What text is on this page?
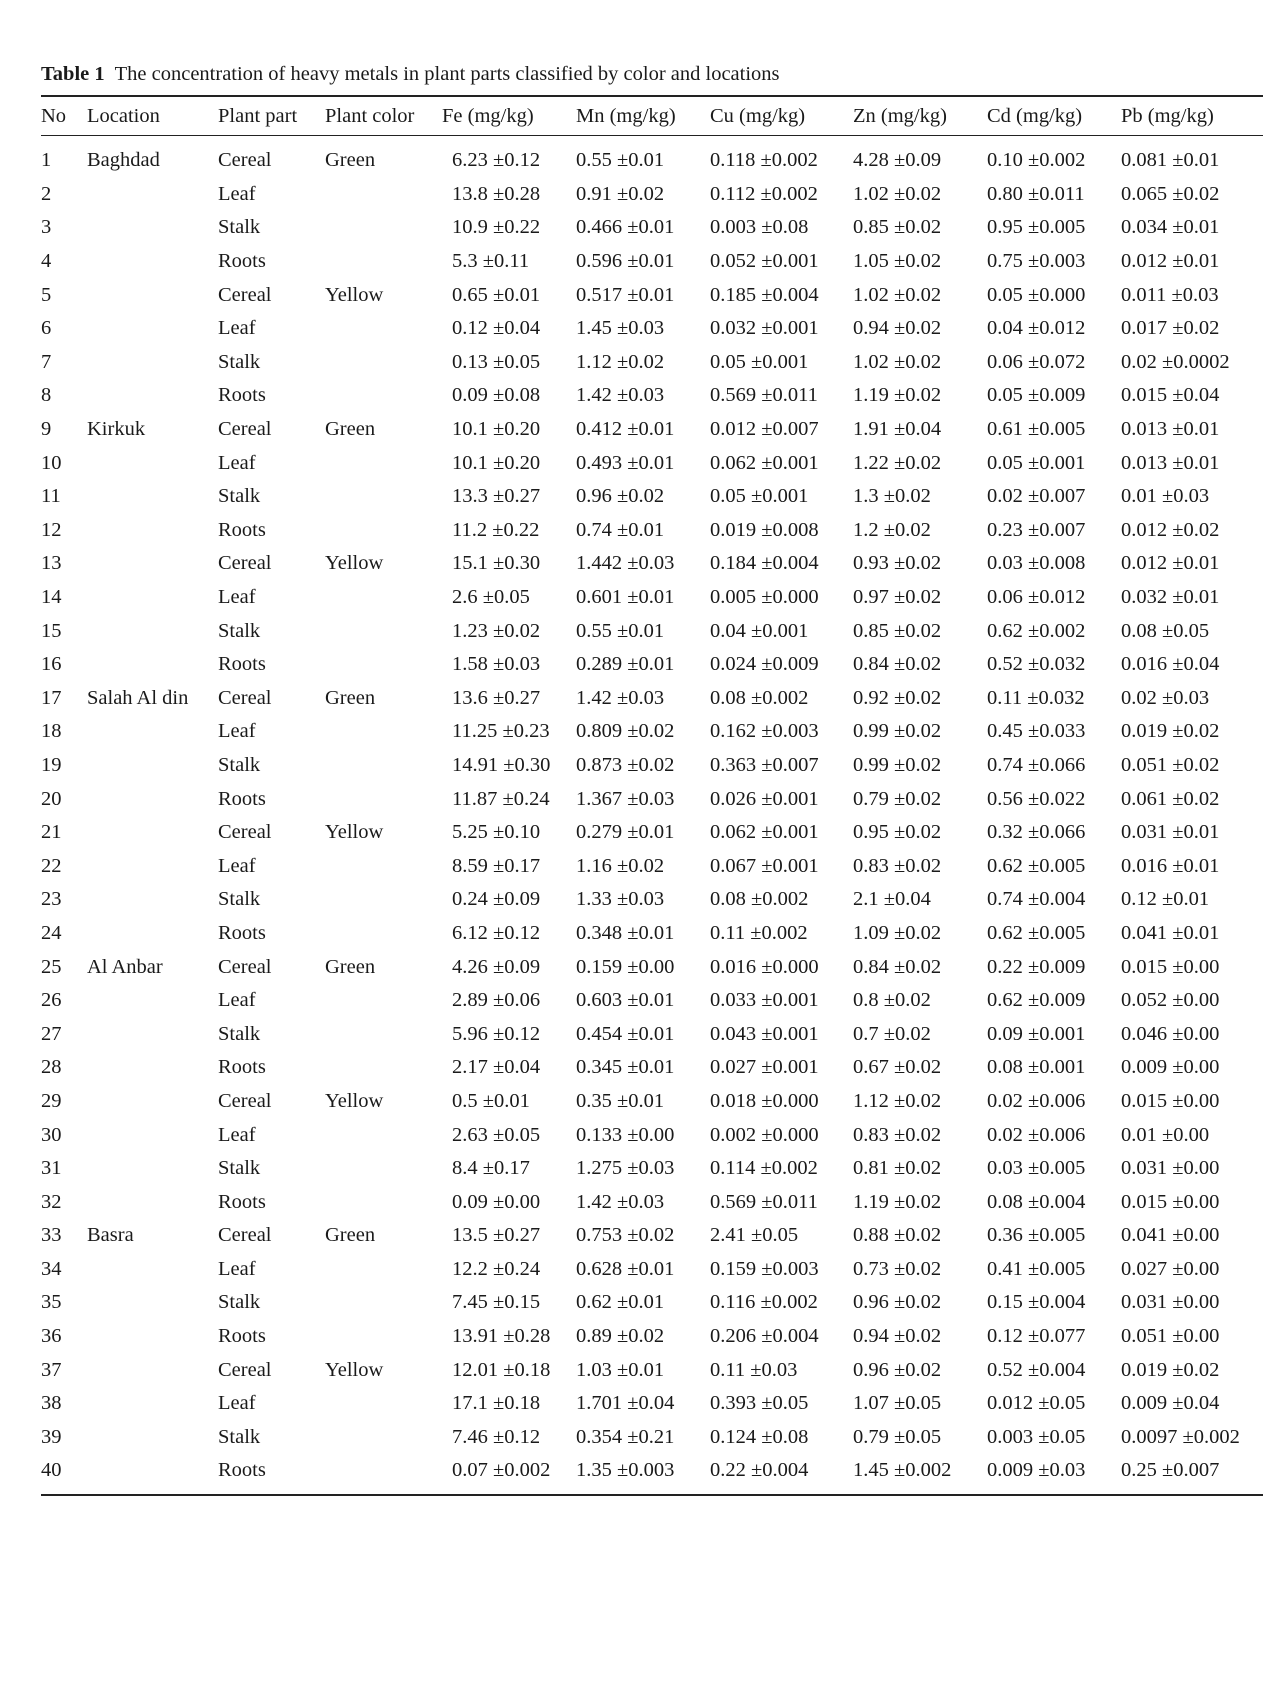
Table 1 The concentration of heavy metals in plant parts classified by color and locations
No	Location	Plant part	Plant color	Fe (mg/kg)	Mn (mg/kg)	Cu (mg/kg)	Zn (mg/kg)	Cd (mg/kg)	Pb (mg/kg)
1	Baghdad	Cereal	Green	6.23 ±0.12	0.55 ±0.01	0.118 ±0.002	4.28 ±0.09	0.10 ±0.002	0.081 ±0.01
2		Leaf		13.8 ±0.28	0.91 ±0.02	0.112 ±0.002	1.02 ±0.02	0.80 ±0.011	0.065 ±0.02
3		Stalk		10.9 ±0.22	0.466 ±0.01	0.003 ±0.08	0.85 ±0.02	0.95 ±0.005	0.034 ±0.01
4		Roots		5.3 ±0.11	0.596 ±0.01	0.052 ±0.001	1.05 ±0.02	0.75 ±0.003	0.012 ±0.01
5		Cereal	Yellow	0.65 ±0.01	0.517 ±0.01	0.185 ±0.004	1.02 ±0.02	0.05 ±0.000	0.011 ±0.03
6		Leaf		0.12 ±0.04	1.45 ±0.03	0.032 ±0.001	0.94 ±0.02	0.04 ±0.012	0.017 ±0.02
7		Stalk		0.13 ±0.05	1.12 ±0.02	0.05 ±0.001	1.02 ±0.02	0.06 ±0.072	0.02 ±0.0002
8		Roots		0.09 ±0.08	1.42 ±0.03	0.569 ±0.011	1.19 ±0.02	0.05 ±0.009	0.015 ±0.04
9	Kirkuk	Cereal	Green	10.1 ±0.20	0.412 ±0.01	0.012 ±0.007	1.91 ±0.04	0.61 ±0.005	0.013 ±0.01
10		Leaf		10.1 ±0.20	0.493 ±0.01	0.062 ±0.001	1.22 ±0.02	0.05 ±0.001	0.013 ±0.01
11		Stalk		13.3 ±0.27	0.96 ±0.02	0.05 ±0.001	1.3 ±0.02	0.02 ±0.007	0.01 ±0.03
12		Roots		11.2 ±0.22	0.74 ±0.01	0.019 ±0.008	1.2 ±0.02	0.23 ±0.007	0.012 ±0.02
13		Cereal	Yellow	15.1 ±0.30	1.442 ±0.03	0.184 ±0.004	0.93 ±0.02	0.03 ±0.008	0.012 ±0.01
14		Leaf		2.6 ±0.05	0.601 ±0.01	0.005 ±0.000	0.97 ±0.02	0.06 ±0.012	0.032 ±0.01
15		Stalk		1.23 ±0.02	0.55 ±0.01	0.04 ±0.001	0.85 ±0.02	0.62 ±0.002	0.08 ±0.05
16		Roots		1.58 ±0.03	0.289 ±0.01	0.024 ±0.009	0.84 ±0.02	0.52 ±0.032	0.016 ±0.04
17	Salah Al din	Cereal	Green	13.6 ±0.27	1.42 ±0.03	0.08 ±0.002	0.92 ±0.02	0.11 ±0.032	0.02 ±0.03
18		Leaf		11.25 ±0.23	0.809 ±0.02	0.162 ±0.003	0.99 ±0.02	0.45 ±0.033	0.019 ±0.02
19		Stalk		14.91 ±0.30	0.873 ±0.02	0.363 ±0.007	0.99 ±0.02	0.74 ±0.066	0.051 ±0.02
20		Roots		11.87 ±0.24	1.367 ±0.03	0.026 ±0.001	0.79 ±0.02	0.56 ±0.022	0.061 ±0.02
21		Cereal	Yellow	5.25 ±0.10	0.279 ±0.01	0.062 ±0.001	0.95 ±0.02	0.32 ±0.066	0.031 ±0.01
22		Leaf		8.59 ±0.17	1.16 ±0.02	0.067 ±0.001	0.83 ±0.02	0.62 ±0.005	0.016 ±0.01
23		Stalk		0.24 ±0.09	1.33 ±0.03	0.08 ±0.002	2.1 ±0.04	0.74 ±0.004	0.12 ±0.01
24		Roots		6.12 ±0.12	0.348 ±0.01	0.11 ±0.002	1.09 ±0.02	0.62 ±0.005	0.041 ±0.01
25	Al Anbar	Cereal	Green	4.26 ±0.09	0.159 ±0.00	0.016 ±0.000	0.84 ±0.02	0.22 ±0.009	0.015 ±0.00
26		Leaf		2.89 ±0.06	0.603 ±0.01	0.033 ±0.001	0.8 ±0.02	0.62 ±0.009	0.052 ±0.00
27		Stalk		5.96 ±0.12	0.454 ±0.01	0.043 ±0.001	0.7 ±0.02	0.09 ±0.001	0.046 ±0.00
28		Roots		2.17 ±0.04	0.345 ±0.01	0.027 ±0.001	0.67 ±0.02	0.08 ±0.001	0.009 ±0.00
29		Cereal	Yellow	0.5 ±0.01	0.35 ±0.01	0.018 ±0.000	1.12 ±0.02	0.02 ±0.006	0.015 ±0.00
30		Leaf		2.63 ±0.05	0.133 ±0.00	0.002 ±0.000	0.83 ±0.02	0.02 ±0.006	0.01 ±0.00
31		Stalk		8.4 ±0.17	1.275 ±0.03	0.114 ±0.002	0.81 ±0.02	0.03 ±0.005	0.031 ±0.00
32		Roots		0.09 ±0.00	1.42 ±0.03	0.569 ±0.011	1.19 ±0.02	0.08 ±0.004	0.015 ±0.00
33	Basra	Cereal	Green	13.5 ±0.27	0.753 ±0.02	2.41 ±0.05	0.88 ±0.02	0.36 ±0.005	0.041 ±0.00
34		Leaf		12.2 ±0.24	0.628 ±0.01	0.159 ±0.003	0.73 ±0.02	0.41 ±0.005	0.027 ±0.00
35		Stalk		7.45 ±0.15	0.62 ±0.01	0.116 ±0.002	0.96 ±0.02	0.15 ±0.004	0.031 ±0.00
36		Roots		13.91 ±0.28	0.89 ±0.02	0.206 ±0.004	0.94 ±0.02	0.12 ±0.077	0.051 ±0.00
37		Cereal	Yellow	12.01 ±0.18	1.03 ±0.01	0.11 ±0.03	0.96 ±0.02	0.52 ±0.004	0.019 ±0.02
38		Leaf		17.1 ±0.18	1.701 ±0.04	0.393 ±0.05	1.07 ±0.05	0.012 ±0.05	0.009 ±0.04
39		Stalk		7.46 ±0.12	0.354 ±0.21	0.124 ±0.08	0.79 ±0.05	0.003 ±0.05	0.0097 ±0.002
40		Roots		0.07 ±0.002	1.35 ±0.003	0.22 ±0.004	1.45 ±0.002	0.009 ±0.03	0.25 ±0.007
